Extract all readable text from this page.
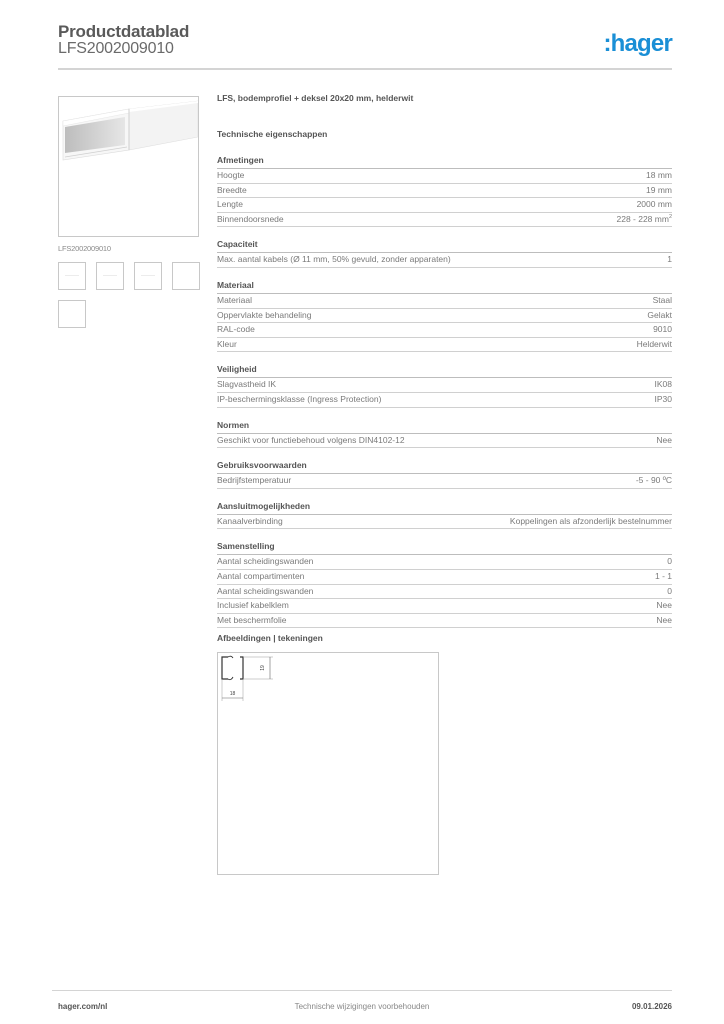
Productdatablad
LFS2002009010	:hager
LFS2002009010
LFS, bodemprofiel + deksel 20x20 mm, helderwit
Technische eigenschappen
Afmetingen
Hoogte	18 mm
Breedte	19 mm
Lengte	2000 mm
Binnendoorsnede	228 - 228 $mm^2$
Capaciteit
Max. aantal kabels (Ø 11 mm, 50% gevuld, zonder apparaten)	1
Materiaal
Materiaal	Staal
Oppervlakte behandeling	Gelakt
RAL-code	9010
Kleur	Helderwit
Veiligheid
Slagvastheid IK	IK08
IP-beschermingsklasse (Ingress Protection)	IP30
Normen
Geschikt voor functiebehoud volgens DIN4102-12	Nee
Gebruiksvoorwaarden
Bedrijfstemperatuur	-5 - 90 ºC
Aansluitmogelijkheden
Kanaalverbinding	Koppelingen als afzonderlijk bestelnummer
Samenstelling
Aantal scheidingswanden	0
Aantal compartimenten	1 - 1
Aantal scheidingswanden	0
Inclusief kabelklem	Nee
Met beschermfolie	Nee
Afbeeldingen | tekeningen
19
18
hager.com/nl	Technische wijzigingen voorbehouden	09.01.2026
